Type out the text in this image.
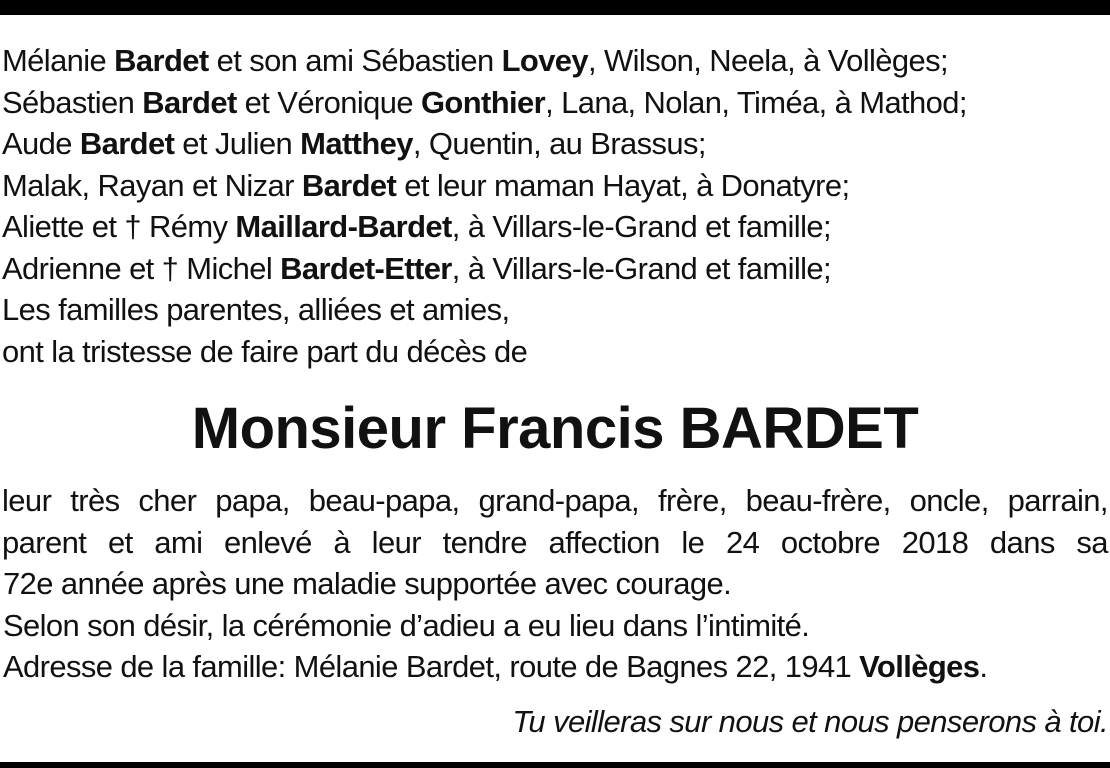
Mélanie Bardet et son ami Sébastien Lovey, Wilson, Neela, à Vollèges;
Sébastien Bardet et Véronique Gonthier, Lana, Nolan, Timéa, à Mathod;
Aude Bardet et Julien Matthey, Quentin, au Brassus;
Malak, Rayan et Nizar Bardet et leur maman Hayat, à Donatyre;
Aliette et † Rémy Maillard-Bardet, à Villars-le-Grand et famille;
Adrienne et † Michel Bardet-Etter, à Villars-le-Grand et famille;
Les familles parentes, alliées et amies,
ont la tristesse de faire part du décès de
Monsieur Francis BARDET
leur très cher papa, beau-papa, grand-papa, frère, beau-frère, oncle, parrain,
parent et ami enlevé à leur tendre affection le 24 octobre 2018 dans sa
72e année après une maladie supportée avec courage.
Selon son désir, la cérémonie d’adieu a eu lieu dans l’intimité.
Adresse de la famille: Mélanie Bardet, route de Bagnes 22, 1941 Vollèges.
Tu veilleras sur nous et nous penserons à toi.
